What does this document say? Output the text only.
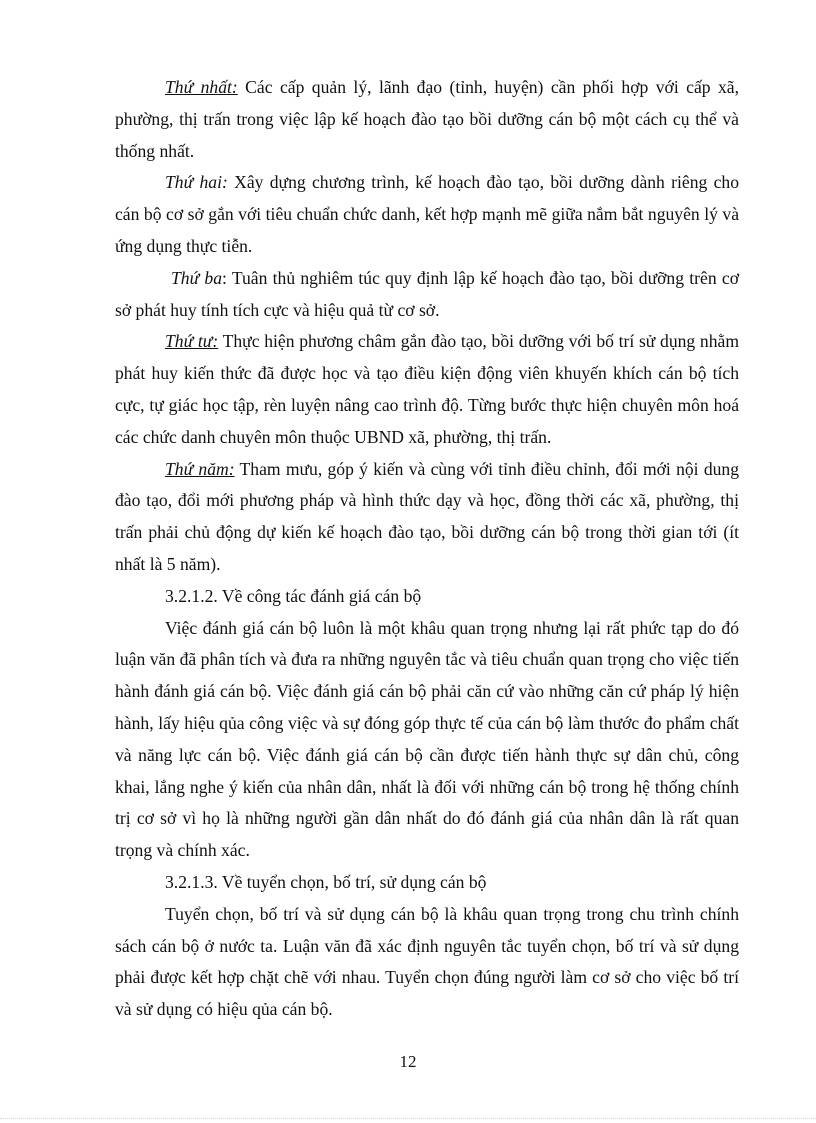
Thứ nhất: Các cấp quản lý, lãnh đạo (tỉnh, huyện) cần phối hợp với cấp xã, phường, thị trấn trong việc lập kế hoạch đào tạo bồi dưỡng cán bộ một cách cụ thể và thống nhất.

Thứ hai: Xây dựng chương trình, kế hoạch đào tạo, bồi dưỡng dành riêng cho cán bộ cơ sở gắn với tiêu chuẩn chức danh, kết hợp mạnh mẽ giữa nắm bắt nguyên lý và ứng dụng thực tiễn.

Thứ ba: Tuân thủ nghiêm túc quy định lập kế hoạch đào tạo, bồi dưỡng trên cơ sở phát huy tính tích cực và hiệu quả từ cơ sở.

Thứ tư: Thực hiện phương châm gắn đào tạo, bồi dưỡng với bố trí sử dụng nhằm phát huy kiến thức đã được học và tạo điều kiện động viên khuyến khích cán bộ tích cực, tự giác học tập, rèn luyện nâng cao trình độ. Từng bước thực hiện chuyên môn hoá các chức danh chuyên môn thuộc UBND xã, phường, thị trấn.

Thứ năm: Tham mưu, góp ý kiến và cùng với tỉnh điều chỉnh, đổi mới nội dung đào tạo, đổi mới phương pháp và hình thức dạy và học, đồng thời các xã, phường, thị trấn phải chủ động dự kiến kế hoạch đào tạo, bồi dưỡng cán bộ trong thời gian tới (ít nhất là 5 năm).

3.2.1.2. Về công tác đánh giá cán bộ

Việc đánh giá cán bộ luôn là một khâu quan trọng nhưng lại rất phức tạp do đó luận văn đã phân tích và đưa ra những nguyên tắc và tiêu chuẩn quan trọng cho việc tiến hành đánh giá cán bộ. Việc đánh giá cán bộ phải căn cứ vào những căn cứ pháp lý hiện hành, lấy hiệu qủa công việc và sự đóng góp thực tế của cán bộ làm thước đo phẩm chất và năng lực cán bộ. Việc đánh giá cán bộ cần được tiến hành thực sự dân chủ, công khai, lắng nghe ý kiến của nhân dân, nhất là đối với những cán bộ trong hệ thống chính trị cơ sở vì họ là những người gần dân nhất do đó đánh giá của nhân dân là rất quan trọng và chính xác.

3.2.1.3. Về tuyển chọn, bố trí, sử dụng cán bộ

Tuyển chọn, bố trí và sử dụng cán bộ là khâu quan trọng trong chu trình chính sách cán bộ ở nước ta. Luận văn đã xác định nguyên tắc tuyển chọn, bố trí và sử dụng phải được kết hợp chặt chẽ với nhau. Tuyển chọn đúng người làm cơ sở cho việc bố trí và sử dụng có hiệu qủa cán bộ.

12
